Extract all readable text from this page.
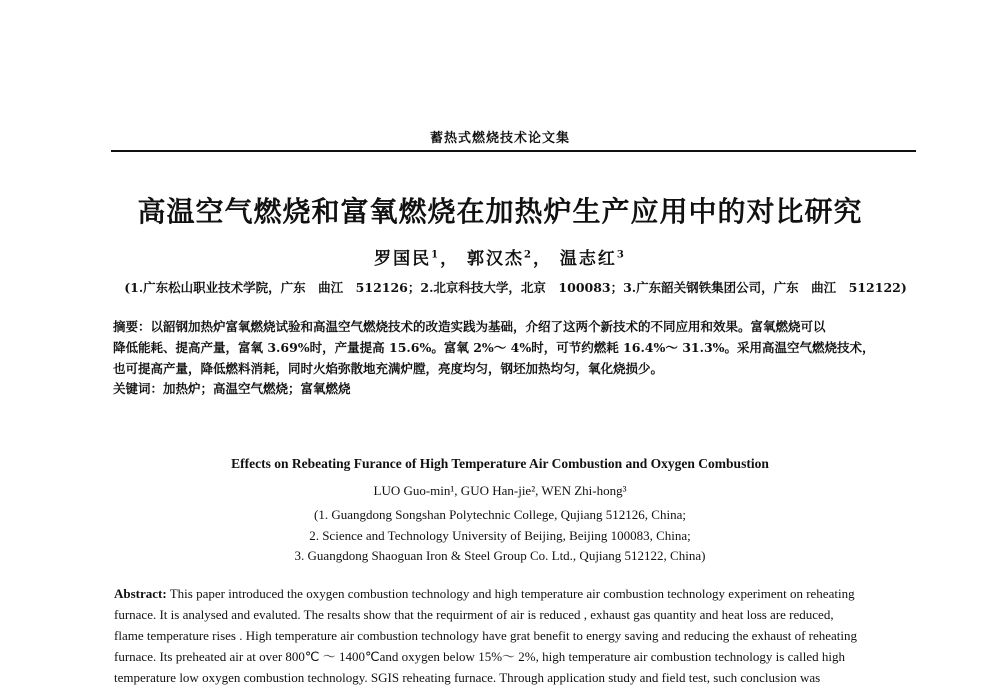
蓄热式燃烧技术论文集
高温空气燃烧和富氧燃烧在加热炉生产应用中的对比研究
罗国民$^1$， 郭汉杰$^2$， 温志红$^3$
(1.广东松山职业技术学院，广东　曲江　512126；2.北京科技大学，北京　100083；3.广东韶关钢铁集团公司，广东　曲江　512122)
摘要：以韶钢加热炉富氧燃烧试验和高温空气燃烧技术的改造实践为基础，介绍了这两个新技术的不同应用和效果。富氧燃烧可以
降低能耗、提高产量，富氧 3.69%时，产量提高 15.6%。富氧 2%～ 4%时，可节约燃耗 16.4%～ 31.3%。采用高温空气燃烧技术，
也可提高产量，降低燃料消耗，同时火焰弥散地充满炉膛，亮度均匀，钢坯加热均匀，氧化烧损少。
关键词：加热炉；高温空气燃烧；富氧燃烧
Effects on Rebeating Furance of High Temperature Air Combustion and Oxygen Combustion
LUO Guo-min¹, GUO Han-jie², WEN Zhi-hong³
(1. Guangdong Songshan Polytechnic College, Qujiang 512126, China;
2. Science and Technology University of Beijing, Beijing 100083, China;
3. Guangdong Shaoguan Iron & Steel Group Co. Ltd., Qujiang 512122, China)
Abstract: This paper introduced the oxygen combustion technology and high temperature air combustion technology experiment on reheating
furnace. It is analysed and evaluted. The resalts show that the requirment of air is reduced , exhaust gas quantity and heat loss are reduced,
flame temperature rises . High temperature air combustion technology have grat benefit to energy saving and reducing the exhaust of reheating
furnace. Its preheated air at over 800℃ ～ 1400℃and oxygen below 15%～ 2%, high temperature air combustion technology is called high
temperature low oxygen combustion technology. SGIS reheating furnace. Through application study and field test, such conclusion was
